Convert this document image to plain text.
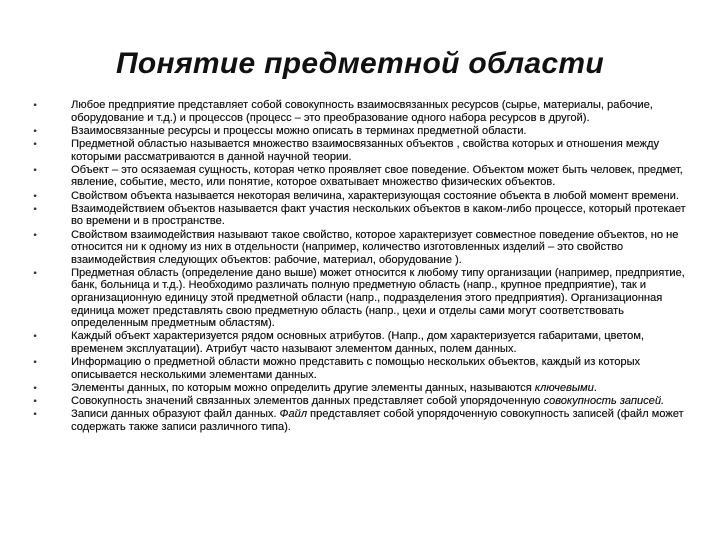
Понятие предметной области
•	Любое предприятие представляет собой совокупность взаимосвязанных ресурсов (сырье, материалы, рабочие, оборудование и т.д.) и процессов (процесс – это преобразование одного набора ресурсов в другой).
•	Взаимосвязанные ресурсы и процессы можно описать в терминах предметной области.
•	Предметной областью называется множество взаимосвязанных объектов , свойства которых и отношения между которыми рассматриваются в данной научной теории.
•	Объект – это осязаемая сущность, которая четко проявляет свое поведение. Объектом может быть человек, предмет, явление, событие, место, или понятие, которое охватывает множество физических объектов.
•	Свойством объекта называется некоторая величина, характеризующая состояние объекта в любой момент времени.
•	Взаимодействием объектов называется факт участия нескольких объектов в каком-либо процессе, который протекает во времени и в пространстве.
•	Свойством взаимодействия называют такое свойство, которое характеризует совместное поведение объектов, но не относится ни к одному из них в отдельности (например, количество изготовленных изделий – это свойство взаимодействия следующих объектов: рабочие, материал, оборудование ).
•	Предметная область (определение дано выше) может относится к любому типу организации (например, предприятие, банк, больница и т.д.). Необходимо различать полную предметную область (напр., крупное предприятие), так и организационную единицу этой предметной области (напр., подразделения этого предприятия). Организационная единица может представлять свою предметную область (напр., цехи и отделы сами могут соответствовать определенным предметным областям).
•	Каждый объект характеризуется рядом основных атрибутов. (Напр., дом характеризуется габаритами, цветом, временем эксплуатации). Атрибут часто называют элементом данных, полем данных.
•	Информацию о предметной области можно представить с помощью нескольких объектов, каждый из которых описывается несколькими элементами данных.
•	Элементы данных, по которым можно определить другие элементы данных, называются ключевыми.
•	Совокупность значений связанных элементов данных представляет собой упорядоченную совокупность записей.
•	Записи данных образуют файл данных. Файл представляет собой упорядоченную совокупность записей (файл может содержать также записи различного типа).
